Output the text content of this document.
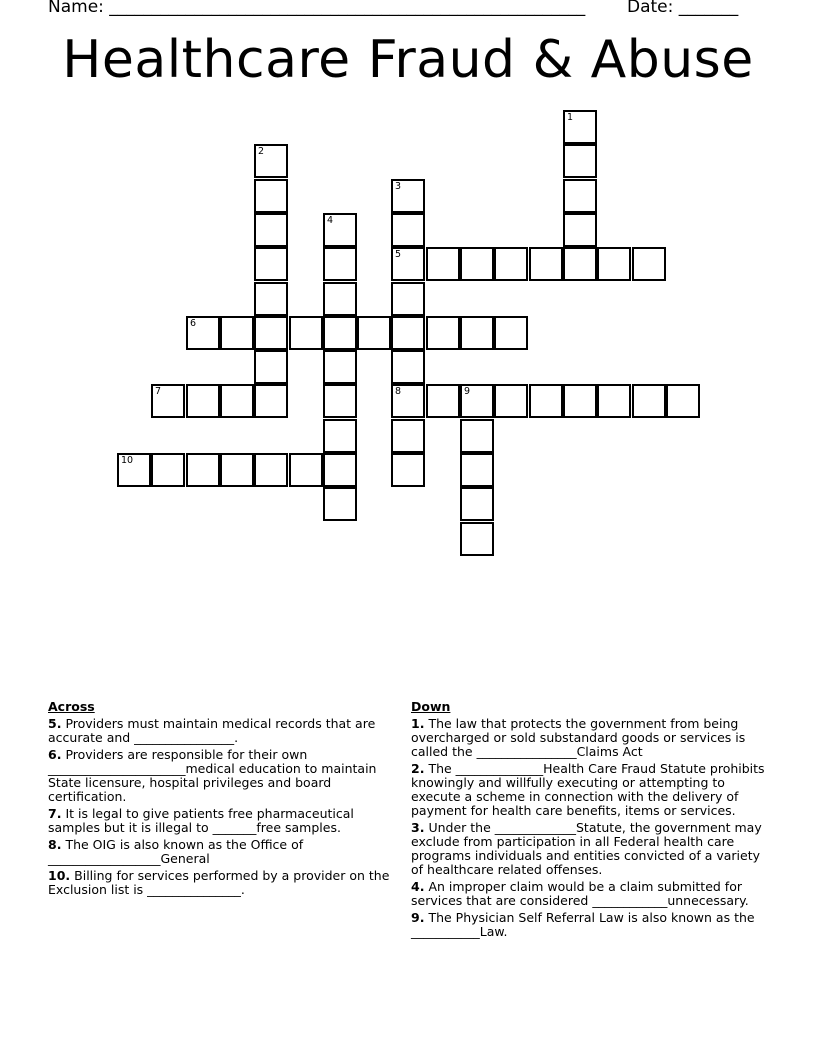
Name: ________________________________________________________ Date: _______
Healthcare Fraud & Abuse
1
2
3
5
8
4
6
7	9
10
Across
5. Providers must maintain medical records that are accurate and ________________.
6. Providers are responsible for their own ______________________medical education to maintain State licensure, hospital privileges and board certification.
7. It is legal to give patients free pharmaceutical samples but it is illegal to _______free samples.
8. The OIG is also known as the Office of __________________General
10. Billing for services performed by a provider on the Exclusion list is _______________.
Down
1. The law that protects the government from being overcharged or sold substandard goods or services is called the ________________Claims Act
2. The ______________Health Care Fraud Statute prohibits knowingly and willfully executing or attempting to execute a scheme in connection with the delivery of payment for health care benefits, items or services.
3. Under the _____________Statute, the government may exclude from participation in all Federal health care programs individuals and entities convicted of a variety of healthcare related offenses.
4. An improper claim would be a claim submitted for services that are considered ____________unnecessary.
9. The Physician Self Referral Law is also known as the ___________Law.
